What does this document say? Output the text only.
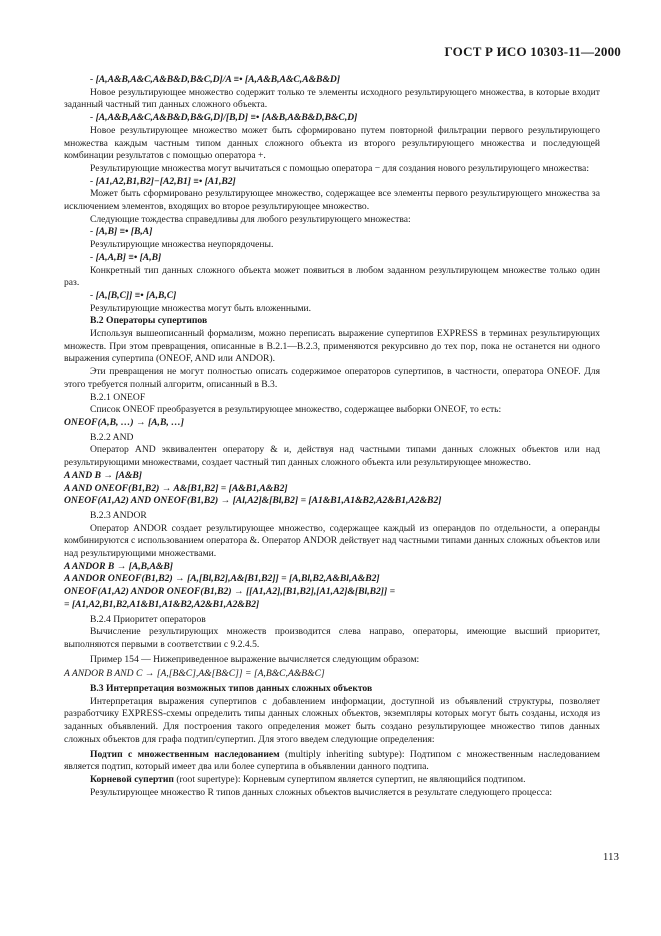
ГОСТ Р ИСО 10303-11—2000

- [A,A&B,A&C,A&B&D,B&C,D]/A ≡• [A,A&B,A&C,A&B&D]

Новое результирующее множество содержит только те элементы исходного результирующего множества, в которые входит заданный частный тип данных сложного объекта.

- [A,A&B,A&C,A&B&D,B&G,D]/[B,D] ≡• [A&B,A&B&D,B&C,D]

Новое результирующее множество может быть сформировано путем повторной фильтрации первого результирующего множества каждым частным типом данных сложного объекта из второго результирующего множества и последующей комбинации результатов с помощью оператора +.

Результирующие множества могут вычитаться с помощью оператора − для создания нового результирующего множества:

- [A1,A2,B1,B2]−[A2,B1] ≡• [A1,B2]

Может быть сформировано результирующее множество, содержащее все элементы первого результирующего множества за исключением элементов, входящих во второе результирующее множество.

Следующие тождества справедливы для любого результирующего множества:

- [A,B] ≡• [B,A]

Результирующие множества неупорядочены.

- [A,A,B] ≡• [A,B]

Конкретный тип данных сложного объекта может появиться в любом заданном результирующем множестве только один раз.

- [A,[B,C]] ≡• [A,B,C]

Результирующие множества могут быть вложенными.

B.2 Операторы супертипов

Используя вышеописанный формализм, можно переписать выражение супертипов EXPRESS в терминах результирующих множеств. При этом превращения, описанные в B.2.1—B.2.3, применяются рекурсивно до тех пор, пока не останется ни одного выражения супертипа (ONEOF, AND или ANDOR).

Эти превращения не могут полностью описать содержимое операторов супертипов, в частности, оператора ONEOF. Для этого требуется полный алгоритм, описанный в B.3.

B.2.1 ONEOF

Список ONEOF преобразуется в результирующее множество, содержащее выборки ONEOF, то есть:

ONEOF(A,B, …) → [A,B, …]

B.2.2 AND

Оператор AND эквивалентен оператору & и, действуя над частными типами данных сложных объектов или над результирующими множествами, создает частный тип данных сложного объекта или результирующее множество.

A AND B → [A&B]

A AND ONEOF(B1,B2) → A&[B1,B2] = [A&B1,A&B2]

ONEOF(A1,A2) AND ONEOF(B1,B2) → [Al,A2]&[Bl,B2] = [A1&B1,A1&B2,A2&B1,A2&B2]

B.2.3 ANDOR

Оператор ANDOR создает результирующее множество, содержащее каждый из операндов по отдельности, а операнды комбинируются с использованием оператора &. Оператор ANDOR действует над частными типами данных сложных объектов или над результирующими множествами.

A ANDOR B → [A,B,A&B]

A ANDOR ONEOF(B1,B2) → [A,[Bl,B2],A&[B1,B2]] = [A,Bl,B2,A&Bl,A&B2]

ONEOF(A1,A2) ANDOR ONEOF(B1,B2) → [[A1,A2],[B1,B2],[A1,A2]&[Bl,B2]] =

= [A1,A2,B1,B2,A1&B1,A1&B2,A2&B1,A2&B2]

B.2.4 Приоритет операторов

Вычисление результирующих множеств производится слева направо, операторы, имеющие высший приоритет, выполняются первыми в соответствии с 9.2.4.5.

Пример 154 — Нижеприведенное выражение вычисляется следующим образом:

A ANDOR B AND C → [A,[B&C],A&[B&C]] = [A,B&C,A&B&C]

B.3 Интерпретация возможных типов данных сложных объектов

Интерпретация выражения супертипов с добавлением информации, доступной из объявлений структуры, позволяет разработчику EXPRESS-схемы определить типы данных сложных объектов, экземпляры которых могут быть созданы, исходя из заданных объявлений. Для построения такого определения может быть создано результирующее множество типов данных сложных объектов для графа подтип/супертип. Для этого введем следующие определения:

Подтип с множественным наследованием (multiply inheriting subtype): Подтипом с множественным наследованием является подтип, который имеет два или более супертипа в объявлении данного подтипа.

Корневой супертип (root supertype): Корневым супертипом является супертип, не являющийся подтипом.

Результирующее множество R типов данных сложных объектов вычисляется в результате следующего процесса:

113
